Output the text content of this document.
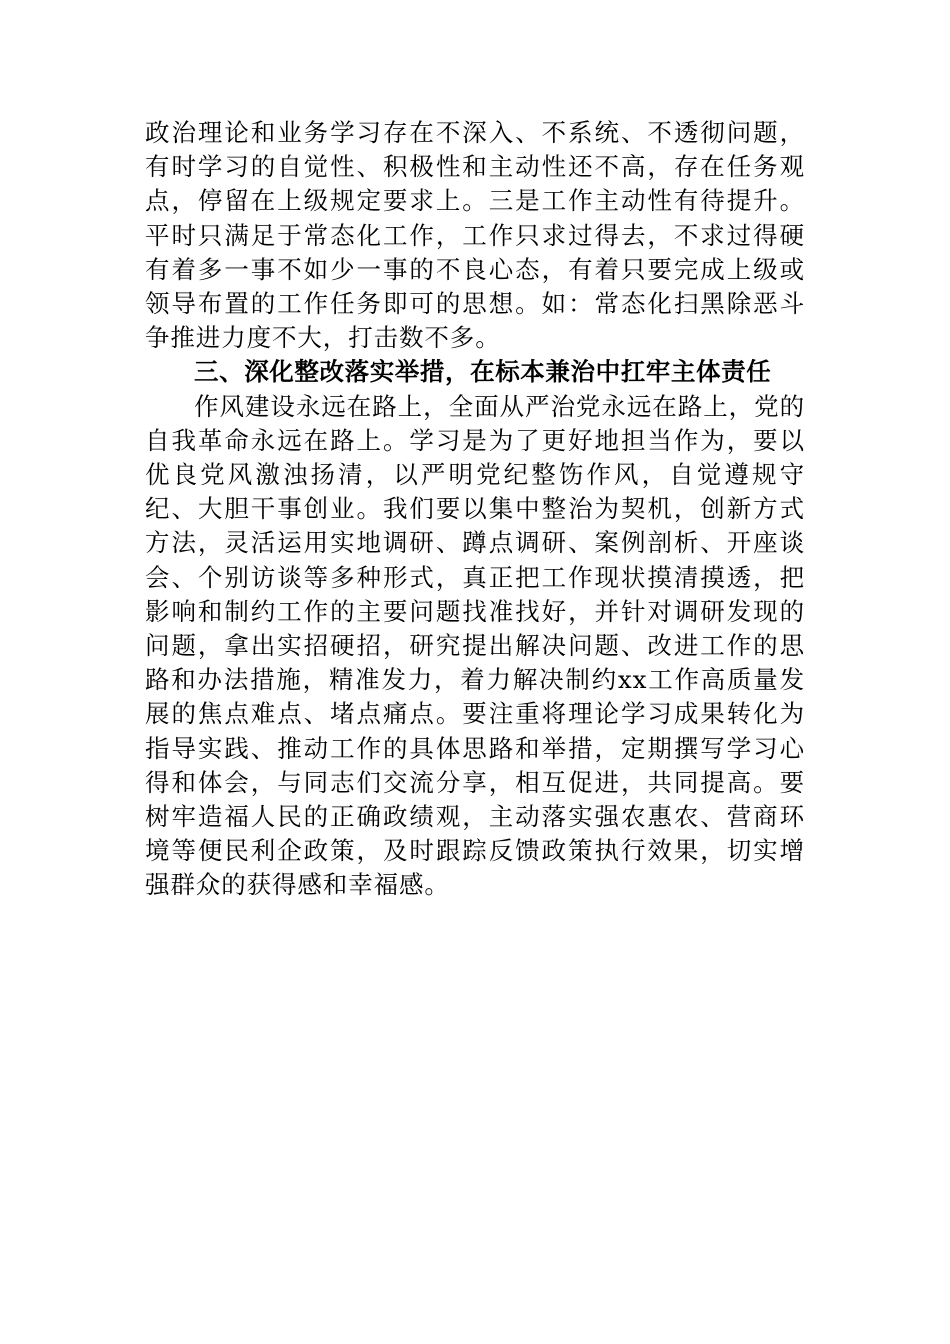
政治理论和业务学习存在不深入、不系统、不透彻问题，有时学习的自觉性、积极性和主动性还不高，存在任务观点，停留在上级规定要求上。三是工作主动性有待提升。平时只满足于常态化工作，工作只求过得去，不求过得硬有着多一事不如少一事的不良心态，有着只要完成上级或领导布置的工作任务即可的思想。如：常态化扫黑除恶斗争推进力度不大，打击数不多。

三、深化整改落实举措，在标本兼治中扛牢主体责任

作风建设永远在路上，全面从严治党永远在路上，党的自我革命永远在路上。学习是为了更好地担当作为，要以优良党风激浊扬清，以严明党纪整饬作风，自觉遵规守纪、大胆干事创业。我们要以集中整治为契机，创新方式方法，灵活运用实地调研、蹲点调研、案例剖析、开座谈会、个别访谈等多种形式，真正把工作现状摸清摸透，把影响和制约工作的主要问题找准找好，并针对调研发现的问题，拿出实招硬招，研究提出解决问题、改进工作的思路和办法措施，精准发力，着力解决制约xx工作高质量发展的焦点难点、堵点痛点。要注重将理论学习成果转化为指导实践、推动工作的具体思路和举措，定期撰写学习心得和体会，与同志们交流分享，相互促进，共同提高。要树牢造福人民的正确政绩观，主动落实强农惠农、营商环境等便民利企政策，及时跟踪反馈政策执行效果，切实增强群众的获得感和幸福感。
